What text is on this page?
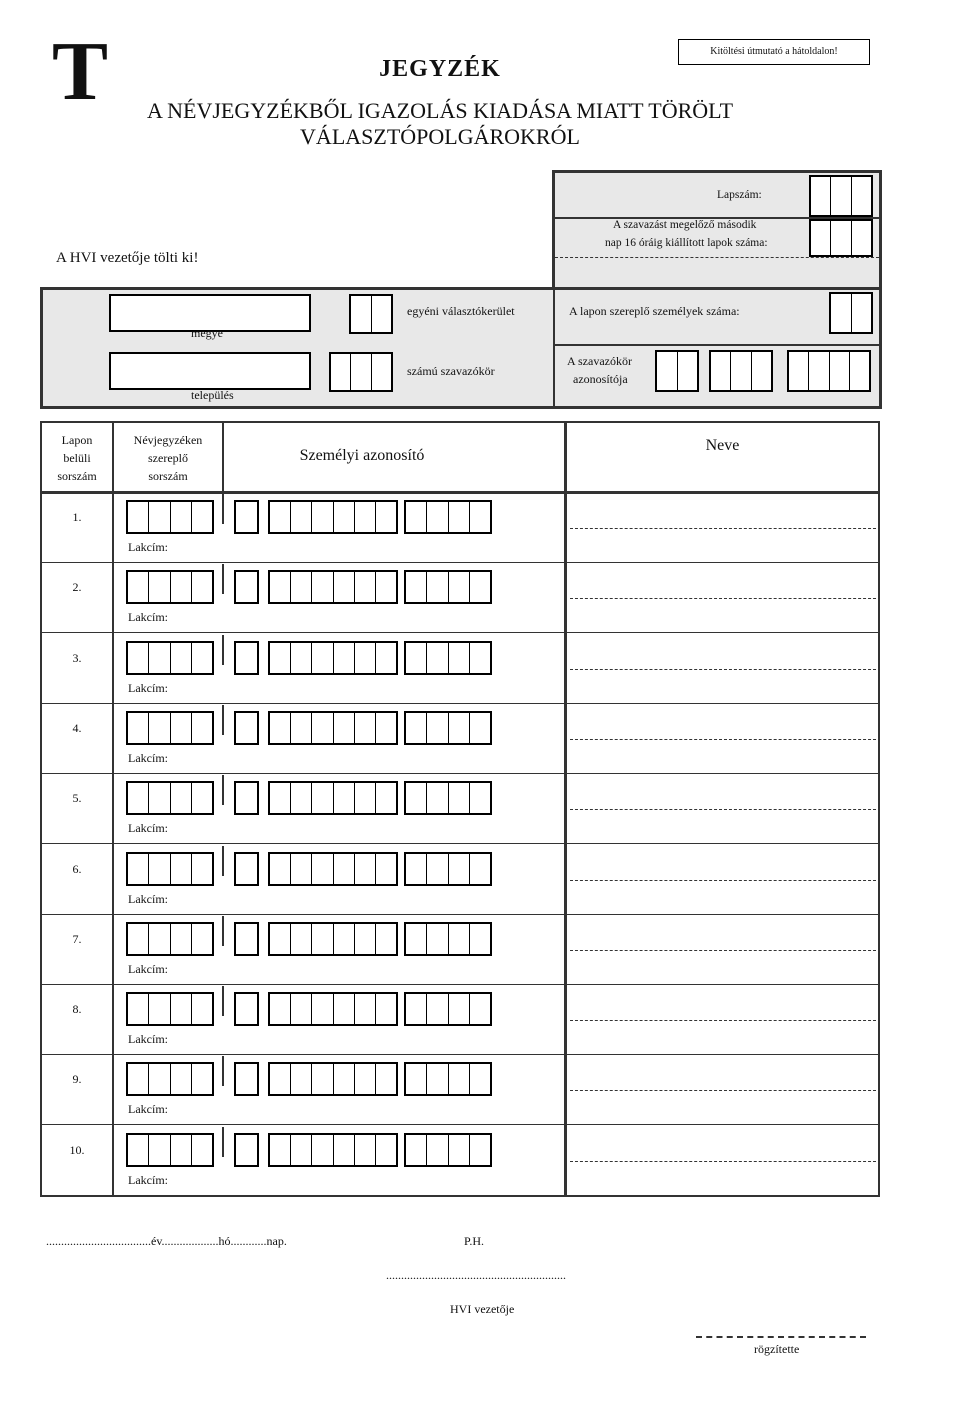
T	JEGYZÉK
A NÉVJEGYZÉKBŐL IGAZOLÁS KIADÁSA MIATT TÖRÖLT
VÁLASZTÓPOLGÁROKRÓL
Kitöltési útmutató a hátoldalon!
A HVI vezetője tölti ki!
Lapszám:
A szavazást megelőző második
nap 16 óráig kiállított lapok száma:
megye
egyéni választókerület
település
számú szavazókör
A lapon szereplő személyek száma:
A szavazókör
azonosítója
Lapon
belüli
sorszám
Névjegyzéken
szereplő
sorszám
Személyi azonosító
Neve
1.
Lakcím:
2.
Lakcím:
3.
Lakcím:
4.
Lakcím:
5.
Lakcím:
6.
Lakcím:
7.
Lakcím:
8.
Lakcím:
9.
Lakcím:
10.
Lakcím:
...................................év...................hó............nap.	P.H.
............................................................
HVI vezetője
rögzítette
